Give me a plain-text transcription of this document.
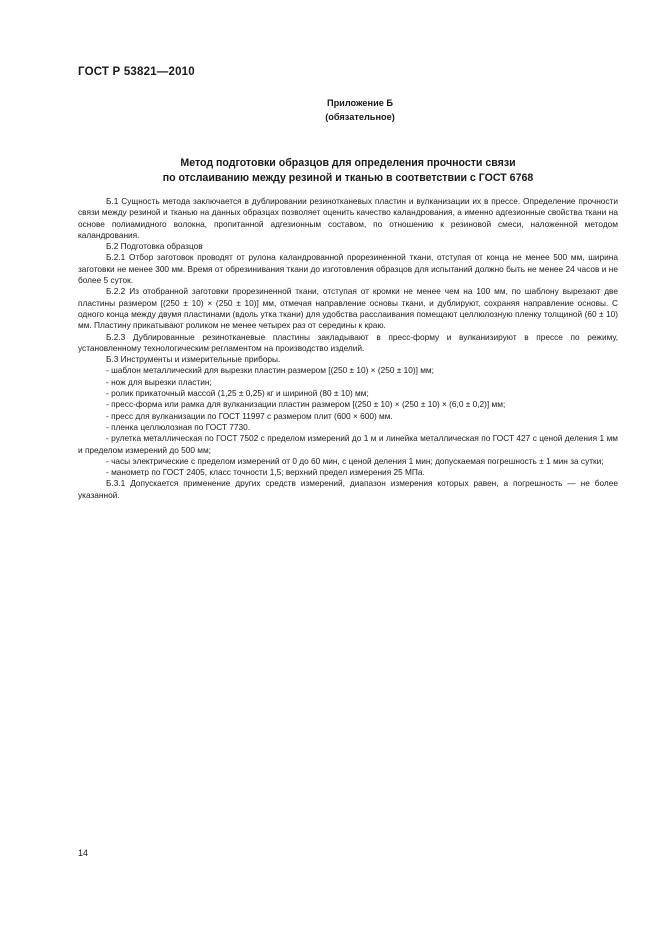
ГОСТ Р 53821—2010
Приложение Б
(обязательное)
Метод подготовки образцов для определения прочности связи
по отслаиванию между резиной и тканью в соответствии с ГОСТ 6768

Б.1 Сущность метода заключается в дублировании резинотканевых пластин и вулканизации их в прессе. Определение прочности связи между резиной и тканью на данных образцах позволяет оценить качество каландрования, а именно адгезионные свойства ткани на основе полиамидного волокна, пропитанной адгезионным составом, по отношению к резиновой смеси, наложенной методом каландрования.

Б.2 Подготовка образцов

Б.2.1 Отбор заготовок проводят от рулона каландрованной прорезиненной ткани, отступая от конца не менее 500 мм, ширина заготовки не менее 300 мм. Время от обрезинивания ткани до изготовления образцов для испытаний должно быть не менее 24 часов и не более 5 суток.

Б.2.2 Из отобранной заготовки прорезиненной ткани, отступая от кромки не менее чем на 100 мм, по шаблону вырезают две пластины размером [(250 ± 10) × (250 ± 10)] мм, отмечая направление основы ткани, и дублируют, сохраняя направление основы. С одного конца между двумя пластинами (вдоль утка ткани) для удобства расслаивания помещают целлюлозную пленку толщиной (60 ± 10) мм. Пластину прикатывают роликом не менее четырех раз от середины к краю.

Б.2.3 Дублированные резинотканевые пластины закладывают в пресс-форму и вулканизируют в прессе по режиму, установленному технологическим регламентом на производство изделий.

Б.3 Инструменты и измерительные приборы.

- шаблон металлический для вырезки пластин размером [(250 ± 10) × (250 ± 10)] мм;

- нож для вырезки пластин;

- ролик прикаточный массой (1,25 ± 0,25) кг и шириной (80 ± 10) мм;

- пресс-форма или рамка для вулканизации пластин размером [(250 ± 10) × (250 ± 10) × (6,0 ± 0,2)] мм;

- пресс для вулканизации по ГОСТ 11997 с размером плит (600 × 600) мм.

- пленка целлюлозная по ГОСТ 7730.

- рулетка металлическая по ГОСТ 7502 с пределом измерений до 1 м и линейка металлическая по ГОСТ 427 с ценой деления 1 мм и пределом измерений до 500 мм;

- часы электрические с пределом измерений от 0 до 60 мин, с ценой деления 1 мин; допускаемая погрешность ± 1 мин за сутки;

- манометр по ГОСТ 2405, класс точности 1,5; верхний предел измерения 25 МПа.

Б.3.1 Допускается применение других средств измерений, диапазон измерения которых равен, а погрешность — не более указанной.

14
